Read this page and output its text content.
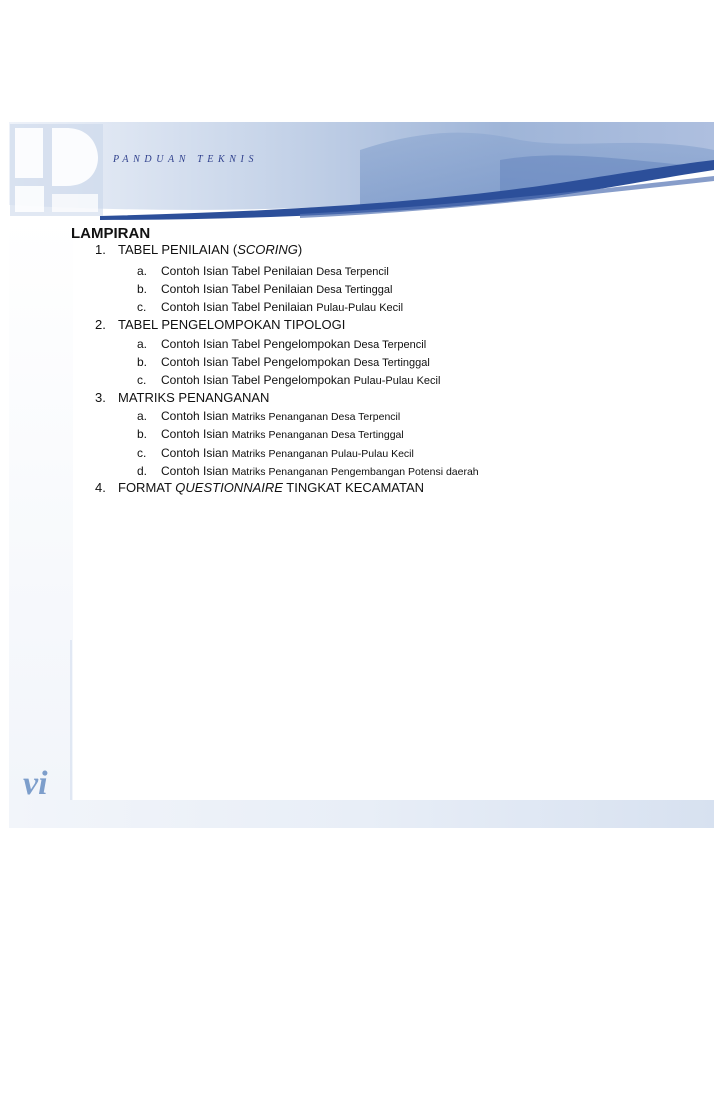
PANDUAN TEKNIS
vi
LAMPIRAN
1. TABEL PENILAIAN (SCORING)
a. Contoh Isian Tabel Penilaian Desa Terpencil
b. Contoh Isian Tabel Penilaian Desa Tertinggal
c. Contoh Isian Tabel Penilaian Pulau-Pulau Kecil
2. TABEL PENGELOMPOKAN TIPOLOGI
a. Contoh Isian Tabel Pengelompokan Desa Terpencil
b. Contoh Isian Tabel Pengelompokan Desa Tertinggal
c. Contoh Isian Tabel Pengelompokan Pulau-Pulau Kecil
3. MATRIKS PENANGANAN
a. Contoh Isian Matriks Penanganan Desa Terpencil
b. Contoh Isian Matriks Penanganan Desa Tertinggal
c. Contoh Isian Matriks Penanganan Pulau-Pulau Kecil
d. Contoh Isian Matriks Penanganan Pengembangan Potensi daerah
4. FORMAT QUESTIONNAIRE TINGKAT KECAMATAN
